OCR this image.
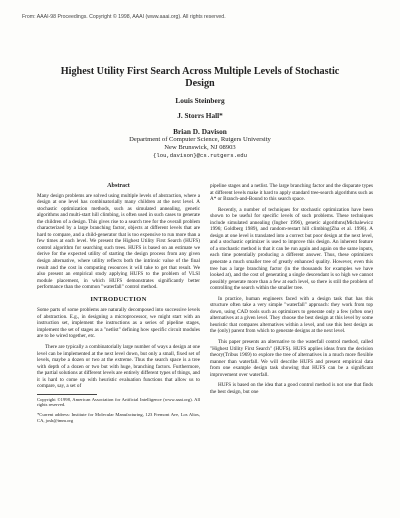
From: AAAI-98 Proceedings. Copyright © 1998, AAAI (www.aaai.org). All rights reserved.
Highest Utility First Search Across Multiple Levels of Stochastic Design
Louis Steinberg
J. Storrs Hall*
Brian D. Davison
Department of Computer Science, Rutgers University
New Brunswick, NJ 08903
{lou,davison}@cs.rutgers.edu
Abstract

Many design problems are solved using multiple levels of abstraction, where a design at one level has combinatorially many children at the next level. A stochastic optimization methods, such as simulated annealing, genetic algorithms and multi-start hill climbing, is often used in such cases to generate the children of a design. This gives rise to a search tree for the overall problem characterized by a large branching factor, objects at different levels that are hard to compare, and a child-generator that is too expensive to run more than a few times at each level. We present the Highest Utility First Search (HUFS) control algorithm for searching such trees. HUFS is based on an estimate we derive for the expected utility of starting the design process from any given design alternative, where utility reflects both the intrinsic value of the final result and the cost in computing resources it will take to get that result. We also present an empirical study applying HUFS to the problem of VLSI module placement, in which HUFS demonstrates significantly better performance than the common "waterfall" control method.

INTRODUCTION

Some parts of some problems are naturally decomposed into successive levels of abstraction. E.g., in designing a microprocessor, we might start with an instruction set, implement the instructions as a series of pipeline stages, implement the set of stages as a "netlist" defining how specific circuit modules are to be wired together, etc.

There are typically a combinatorially large number of ways a design at one level can be implemented at the next level down, but only a small, fixed set of levels, maybe a dozen or two at the extreme. Thus the search space is a tree with depth of a dozen or two but with huge, branching factors. Furthermore, the partial solutions at different levels are entirely different types of things, and it is hard to come up with heuristic evaluation functions that allow us to compare, say, a set of

Copyright ©1998, American Association for Artificial Intelligence (www.aaai.org). All rights reserved.

*Current address: Institute for Molecular Manufacturing, 123 Fremont Ave, Los Altos, CA, josh@imm.org

pipeline stages and a netlist. The large branching factor and the disparate types at different levels make it hard to apply standard tree-search algorithms such as A* or Branch-and-Bound to this search space.

Recently, a number of techniques for stochastic optimization have been shown to be useful for specific levels of such problems. These techniques include simulated annealing (Ingber 1996), genetic algorithms(Michalewicz 1996; Goldberg 1989), and random-restart hill climbing(Zha et al. 1996). A design at one level is translated into a correct but poor design at the next level, and a stochastic optimizer is used to improve this design. An inherent feature of a stochastic method is that it can be run again and again on the same inputs, each time potentially producing a different answer. Thus, these optimizers generate a much smaller tree of greatly enhanced quality. However, even this tree has a large branching factor (in the thousands for examples we have looked at), and the cost of generating a single descendant is so high we cannot possibly generate more than a few at each level, so there is still the problem of controlling the search within the smaller tree.

In practice, human engineers faced with a design task that has this structure often take a very simple "waterfall" approach: they work from top down, using CAD tools such as optimizers to generate only a few (often one) alternatives at a given level. They choose the best design at this level by some heuristic that compares alternatives within a level, and use this best design as the (only) parent from which to generate designs at the next level.

This paper presents an alternative to the waterfall control method, called "Highest Utility First Search" (HUFS). HUFS applies ideas from the decision theory(Tribus 1969) to explore the tree of alternatives in a much more flexible manner than waterfall. We will describe HUFS and present empirical data from one example design task showing that HUFS can be a significant improvement over waterfall.

HUFS is based on the idea that a good control method is not one that finds the best design, but one
